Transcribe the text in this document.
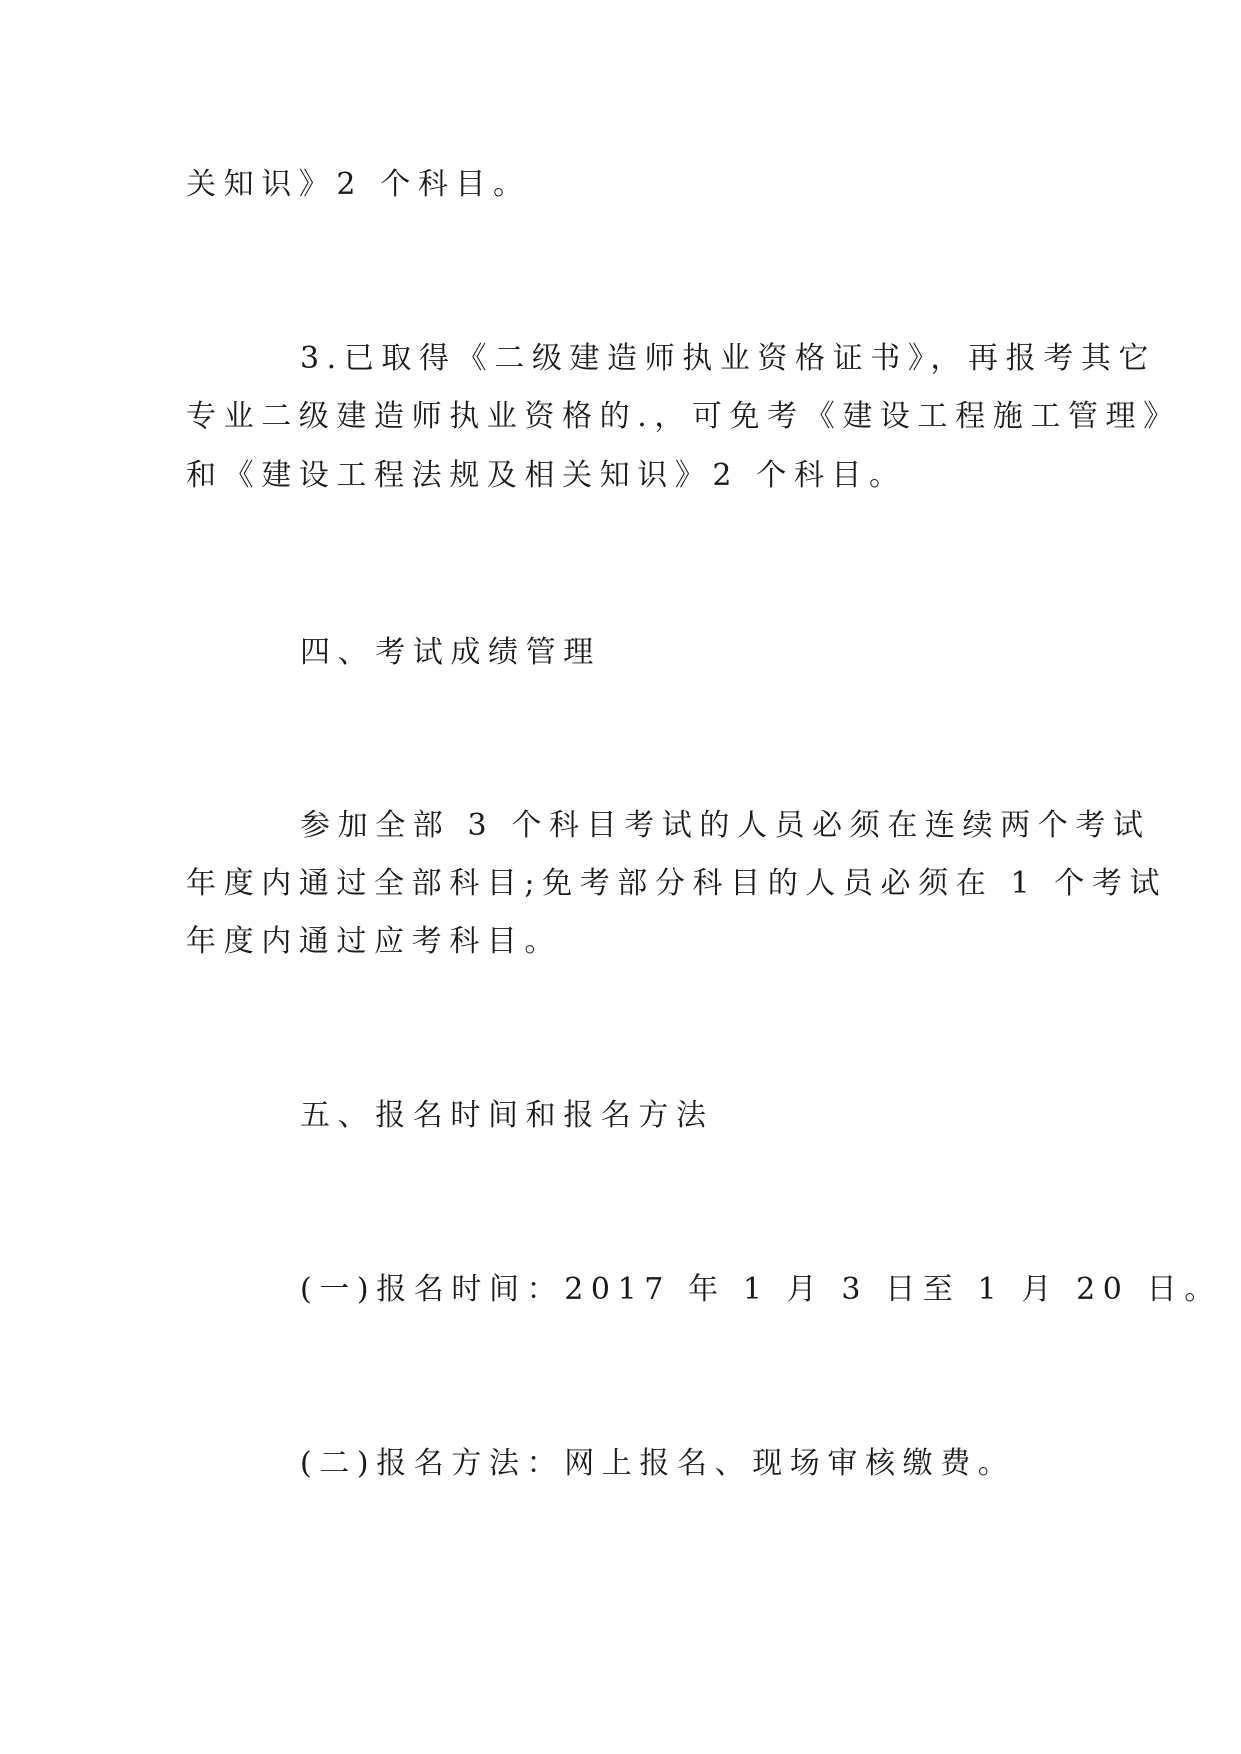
关知识》2 个科目。
3.已取得《二级建造师执业资格证书》，再报考其它
专业二级建造师执业资格的.，可免考《建设工程施工管理》
和《建设工程法规及相关知识》2 个科目。
四、考试成绩管理
参加全部 3 个科目考试的人员必须在连续两个考试
年度内通过全部科目;免考部分科目的人员必须在 1 个考试
年度内通过应考科目。
五、报名时间和报名方法
(一)报名时间：2017 年 1 月 3 日至 1 月 20 日。
(二)报名方法：网上报名、现场审核缴费。
